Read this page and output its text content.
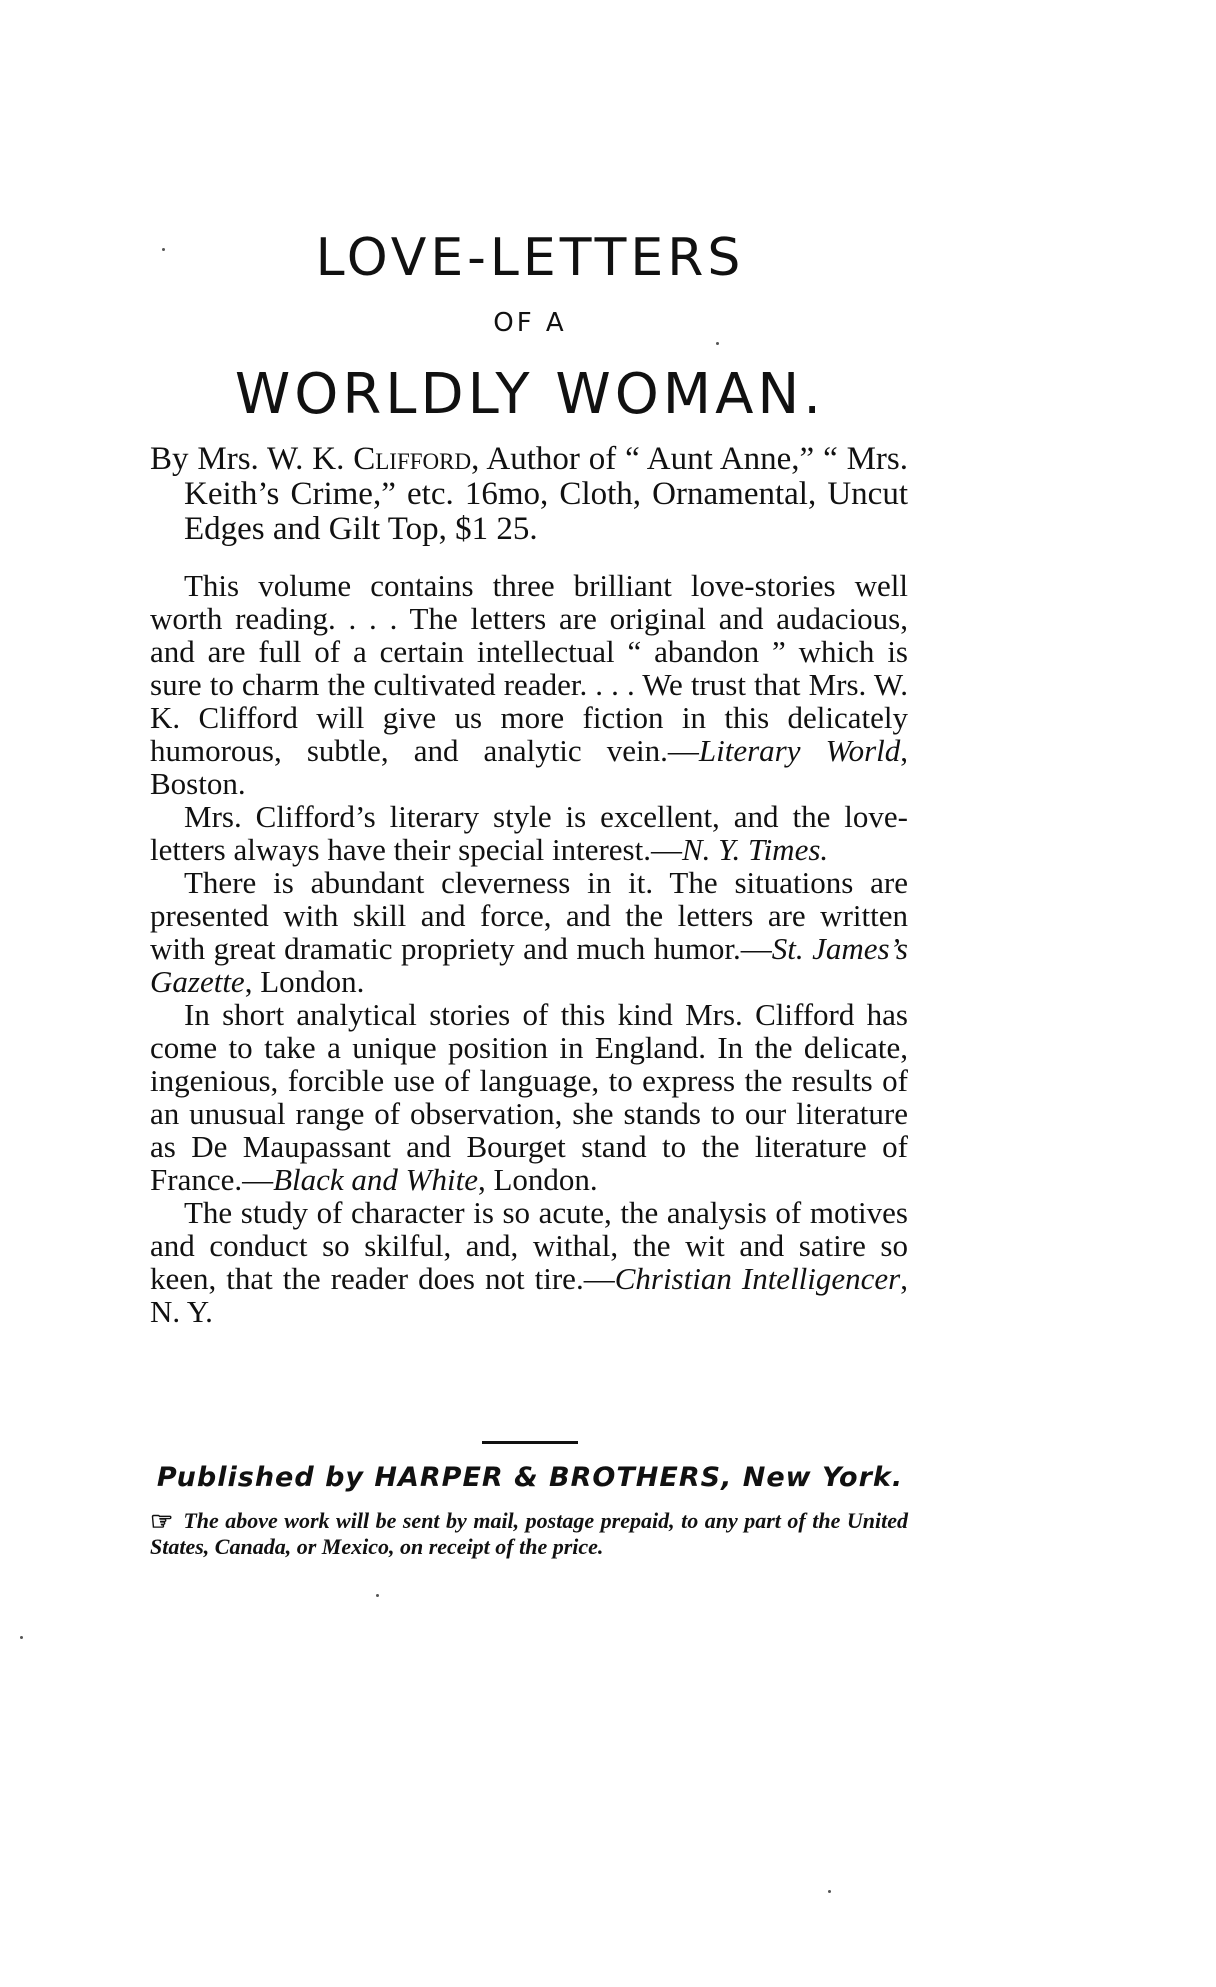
LOVE-LETTERS
OF A
WORLDLY WOMAN.

By Mrs. W. K. Clifford, Author of “ Aunt Anne,” “ Mrs. Keith’s Crime,” etc. 16mo, Cloth, Ornamental, Uncut Edges and Gilt Top, $1 25.

This volume contains three brilliant love-stories well worth reading. . . . The letters are original and audacious, and are full of a certain intellectual “ abandon ” which is sure to charm the cultivated reader. . . . We trust that Mrs. W. K. Clifford will give us more fiction in this delicately humorous, subtle, and analytic vein.—Literary World, Boston.

Mrs. Clifford’s literary style is excellent, and the love-letters always have their special interest.—N. Y. Times.

There is abundant cleverness in it. The situations are presented with skill and force, and the letters are written with great dramatic propriety and much humor.—St. James’s Gazette, London.

In short analytical stories of this kind Mrs. Clifford has come to take a unique position in England. In the delicate, ingenious, forcible use of language, to express the results of an unusual range of observation, she stands to our literature as De Maupassant and Bourget stand to the literature of France.—Black and White, London.

The study of character is so acute, the analysis of motives and conduct so skilful, and, withal, the wit and satire so keen, that the reader does not tire.—Christian Intelligencer, N. Y.

Published by HARPER & BROTHERS, New York.
☞ The above work will be sent by mail, postage prepaid, to any part of the United States, Canada, or Mexico, on receipt of the price.
